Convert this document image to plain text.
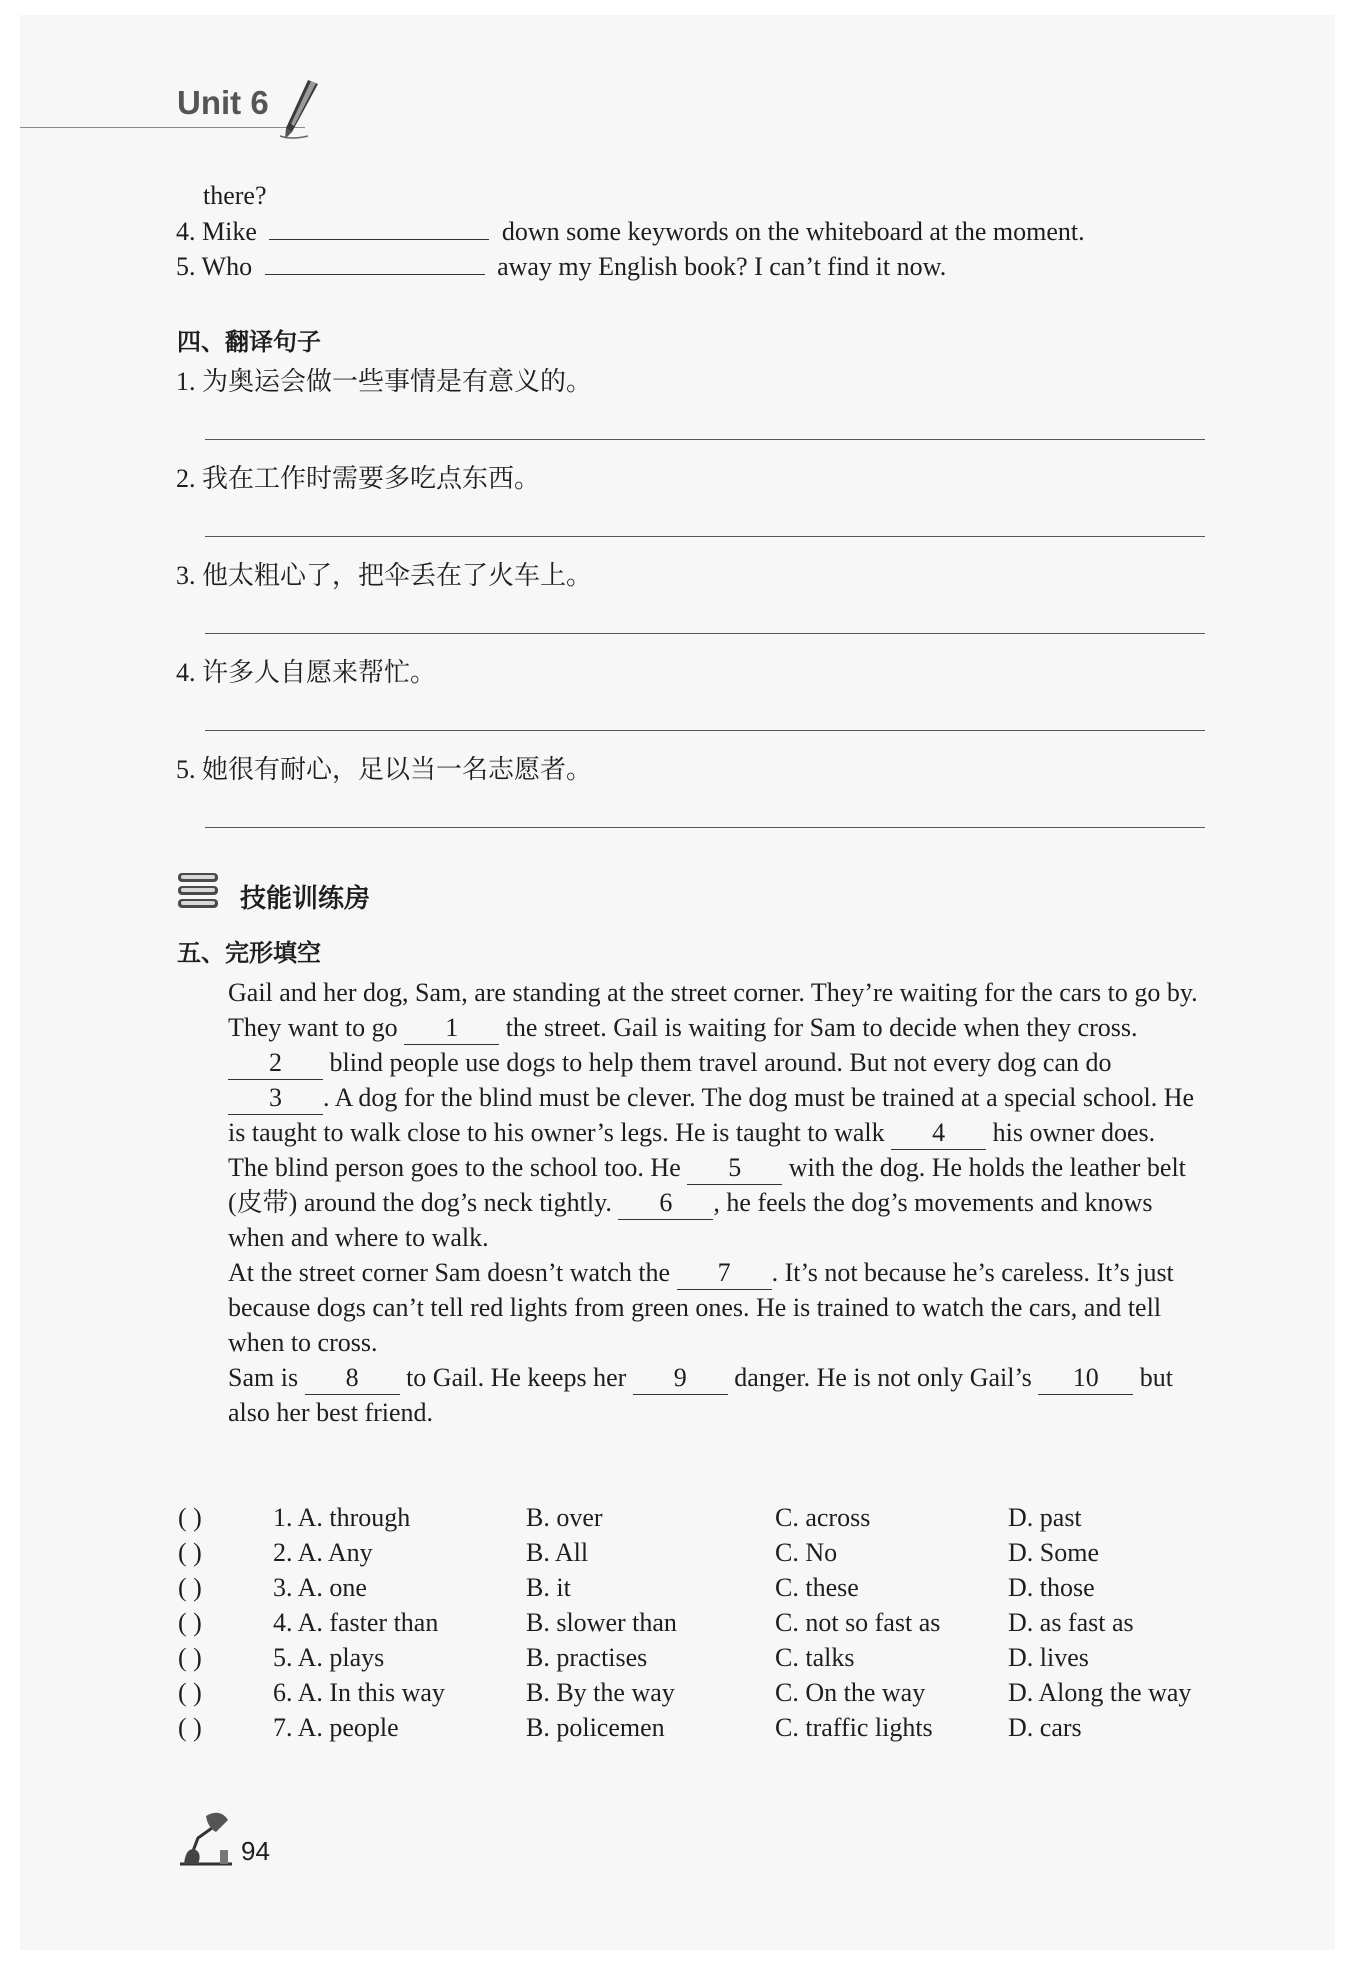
Unit 6
there?
4. Mike	down some keywords on the whiteboard at the moment.
5. Who	away my English book? I can’t find it now.
四、翻译句子
1. 为奥运会做一些事情是有意义的。
2. 我在工作时需要多吃点东西。
3. 他太粗心了，把伞丢在了火车上。
4. 许多人自愿来帮忙。
5. 她很有耐心，足以当一名志愿者。
技能训练房
五、完形填空
Gail and her dog, Sam, are standing at the street corner. They’re waiting for the cars to go by. They want to go 1 the street. Gail is waiting for Sam to decide when they cross.
2 blind people use dogs to help them travel around. But not every dog can do 3 . A dog for the blind must be clever. The dog must be trained at a special school. He is taught to walk close to his owner’s legs. He is taught to walk 4 his owner does.
The blind person goes to the school too. He 5 with the dog. He holds the leather belt (皮带) around the dog’s neck tightly. 6 , he feels the dog’s movements and knows when and where to walk.
At the street corner Sam doesn’t watch the 7 . It’s not because he’s careless. It’s just because dogs can’t tell red lights from green ones. He is trained to watch the cars, and tell when to cross.
Sam is 8 to Gail. He keeps her 9 danger. He is not only Gail’s 10 but also her best friend.
( )	1. A. through	B. over	C. across	D. past
( )	2. A. Any	B. All	C. No	D. Some
( )	3. A. one	B. it	C. these	D. those
( )	4. A. faster than	B. slower than	C. not so fast as	D. as fast as
( )	5. A. plays	B. practises	C. talks	D. lives
( )	6. A. In this way	B. By the way	C. On the way	D. Along the way
( )	7. A. people	B. policemen	C. traffic lights	D. cars
94
